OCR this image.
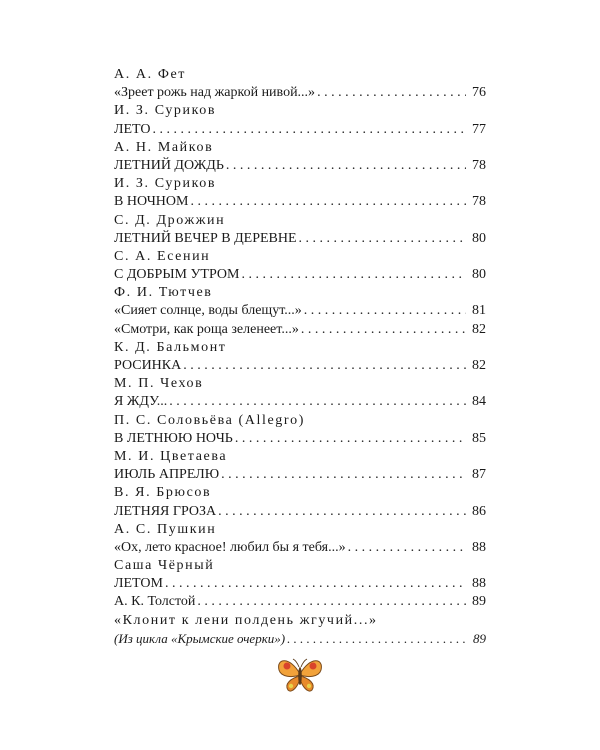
А. А. Фет
«Зреет рожь над жаркой нивой...» . . .	76
И. З. Суриков
ЛЕТО . . .	77
А. Н. Майков
ЛЕТНИЙ ДОЖДЬ . . .	78
И. З. Суриков
В НОЧНОМ . . .	78
С. Д. Дрожжин
ЛЕТНИЙ ВЕЧЕР В ДЕРЕВНЕ . . .	80
С. А. Есенин
С ДОБРЫМ УТРОМ . . .	80
Ф. И. Тютчев
«Сияет солнце, воды блещут...» . . .	81
«Смотри, как роща зеленеет...» . . .	82
К. Д. Бальмонт
РОСИНКА . . .	82
М. П. Чехов
Я ЖДУ... . . .	84
П. С. Соловьёва (Allegro)
В ЛЕТНЮЮ НОЧЬ . . .	85
М. И. Цветаева
ИЮЛЬ АПРЕЛЮ . . .	87
В. Я. Брюсов
ЛЕТНЯЯ ГРОЗА . . .	86
А. С. Пушкин
«Ох, лето красное! любил бы я тебя...» . . .	88
Саша Чёрный
ЛЕТОМ . . .	88
А. К. Толстой . . .	89
«Клонит к лени полдень жгучий...»
(Из цикла «Крымские очерки») . . .	89
